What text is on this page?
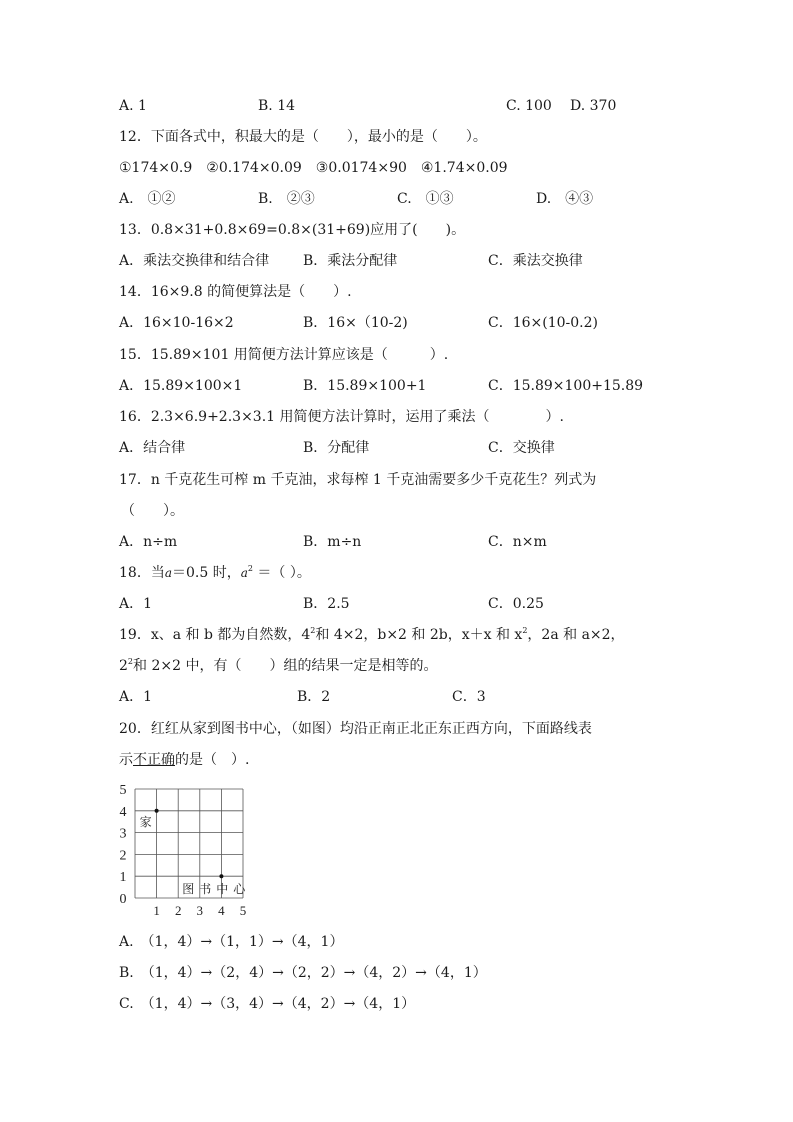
A. 1	B. 14	C. 100 D. 370
12．下面各式中，积最大的是（　　），最小的是（　　）。
①174×0.9　②0.174×0.09　③0.0174×90　④1.74×0.09
A.　①②	B.　②③	C.　①③	D.　④③
13．0.8×31+0.8×69=0.8×(31+69)应用了(　　)。
A．乘法交换律和结合律 B．乘法分配律	C．乘法交换律
14．16×9.8 的简便算法是（　　）.
A．16×10-16×2	B．16×（10-2)	C．16×(10-0.2)
15．15.89×101 用简便方法计算应该是（　　　）.
A．15.89×100×1	B．15.89×100+1	C．15.89×100+15.89
16．2.3×6.9+2.3×3.1 用简便方法计算时，运用了乘法（　　　　）.
A．结合律	B．分配律	C．交换律
17．n 千克花生可榨 m 千克油，求每榨 1 千克油需要多少千克花生？列式为
（　　）。
A．n÷m	B．m÷n	C．n×m
18．当a＝0.5 时，$a^2$ ＝（ ）。
A．1	B．2.5	C．0.25
19．x、a 和 b 都为自然数，$4^2$和 4×2，b×2 和 2b，x＋x 和 $x^2$，2a 和 a×2，
$2^2$和 2×2 中，有（　　）组的结果一定是相等的。
A．1	B．2	C．3
20．红红从家到图书中心，（如图）均沿正南正北正东正西方向，下面路线表
示不正确的是（　）.
0
1
2
3
4
5
1 2 3 4 5
家
图书中心
A.　（1，4）→（1，1）→（4，1）
B.　（1，4）→（2，4）→（2，2）→（4，2）→（4，1）
C.　（1，4）→（3，4）→（4，2）→（4，1）
